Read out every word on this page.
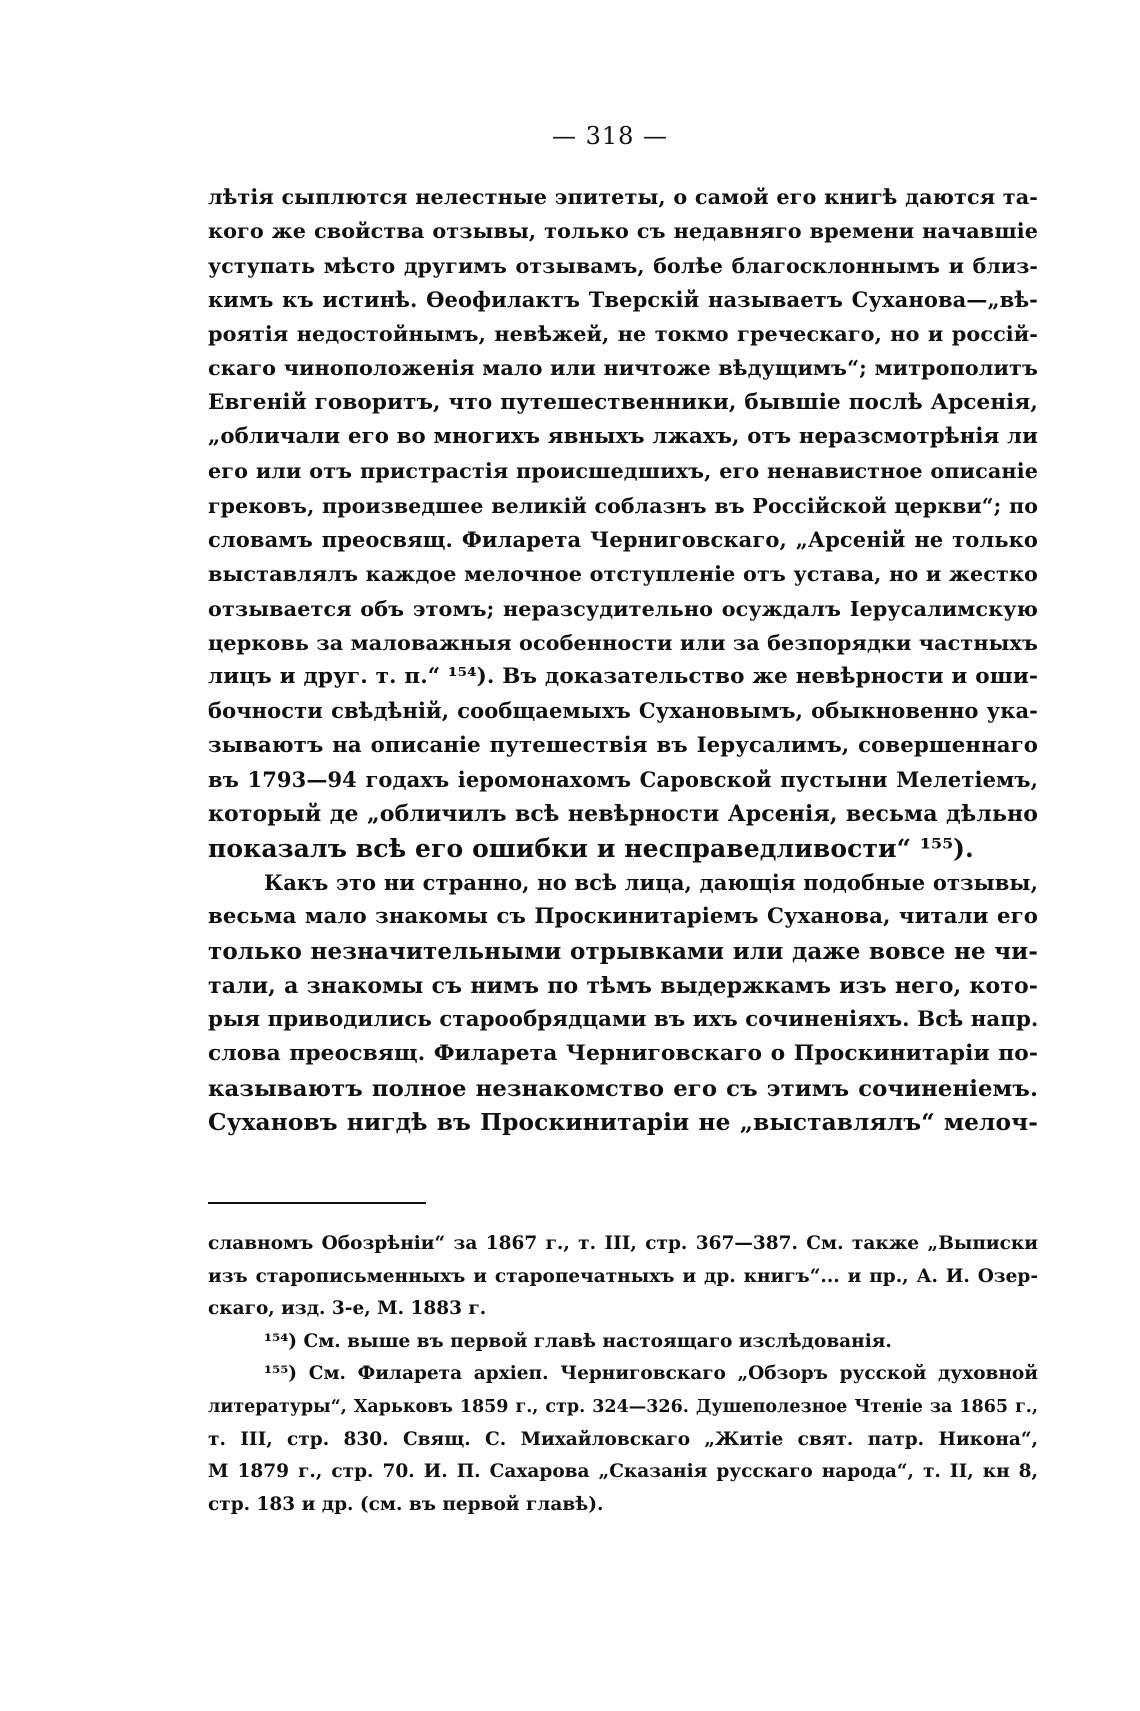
— 318 —
лѣтія сыплются нелестные эпитеты, о самой его книгѣ даются та-
кого же свойства отзывы, только съ недавняго времени начавшіе
уступать мѣсто другимъ отзывамъ, болѣе благосклоннымъ и близ-
кимъ къ истинѣ. Ѳеофилактъ Тверскій называетъ Суханова—„вѣ-
роятія недостойнымъ, невѣжей, не токмо греческаго, но и россій-
скаго чиноположенія мало или ничтоже вѣдущимъ“; митрополитъ
Евгеній говоритъ, что путешественники, бывшіе послѣ Арсенія,
„обличали его во многихъ явныхъ лжахъ, отъ неразсмотрѣнія ли
его или отъ пристрастія происшедшихъ, его ненавистное описаніе
грековъ, произведшее великій соблазнъ въ Россійской церкви“; по
словамъ преосвящ. Филарета Черниговскаго, „Арсеній не только
выставлялъ каждое мелочное отступленіе отъ устава, но и жестко
отзывается объ этомъ; неразсудительно осуждалъ Іерусалимскую
церковь за маловажныя особенности или за безпорядки частныхъ
лицъ и друг. т. п.“ ¹⁵⁴). Въ доказательство же невѣрности и оши-
бочности свѣдѣній, сообщаемыхъ Сухановымъ, обыкновенно ука-
зываютъ на описаніе путешествія въ Іерусалимъ, совершеннаго
въ 1793—94 годахъ іеромонахомъ Саровской пустыни Мелетіемъ,
который де „обличилъ всѣ невѣрности Арсенія, весьма дѣльно
показалъ всѣ его ошибки и несправедливости“ ¹⁵⁵).
Какъ это ни странно, но всѣ лица, дающія подобные отзывы,
весьма мало знакомы съ Проскинитаріемъ Суханова, читали его
только незначительными отрывками или даже вовсе не чи-
тали, а знакомы съ нимъ по тѣмъ выдержкамъ изъ него, кото-
рыя приводились старообрядцами въ ихъ сочиненіяхъ. Всѣ напр.
слова преосвящ. Филарета Черниговскаго о Проскинитаріи по-
казываютъ полное незнакомство его съ этимъ сочиненіемъ.
Сухановъ нигдѣ въ Проскинитаріи не „выставлялъ“ мелоч-
славномъ Обозрѣніи“ за 1867 г., т. III, стр. 367—387. См. также „Выписки
изъ старописьменныхъ и старопечатныхъ и др. книгъ“... и пр., А. И. Озер-
скаго, изд. 3-е, М. 1883 г.
¹⁵⁴) См. выше въ первой главѣ настоящаго изслѣдованія.
¹⁵⁵) См. Филарета архіеп. Черниговскаго „Обзоръ русской духовной
литературы“, Харьковъ 1859 г., стр. 324—326. Душеполезное Чтеніе за 1865 г.,
т. III, стр. 830. Свящ. С. Михайловскаго „Житіе свят. патр. Никона“,
М 1879 г., стр. 70. И. П. Сахарова „Сказанія русскаго народа“, т. II, кн 8,
стр. 183 и др. (см. въ первой главѣ).
